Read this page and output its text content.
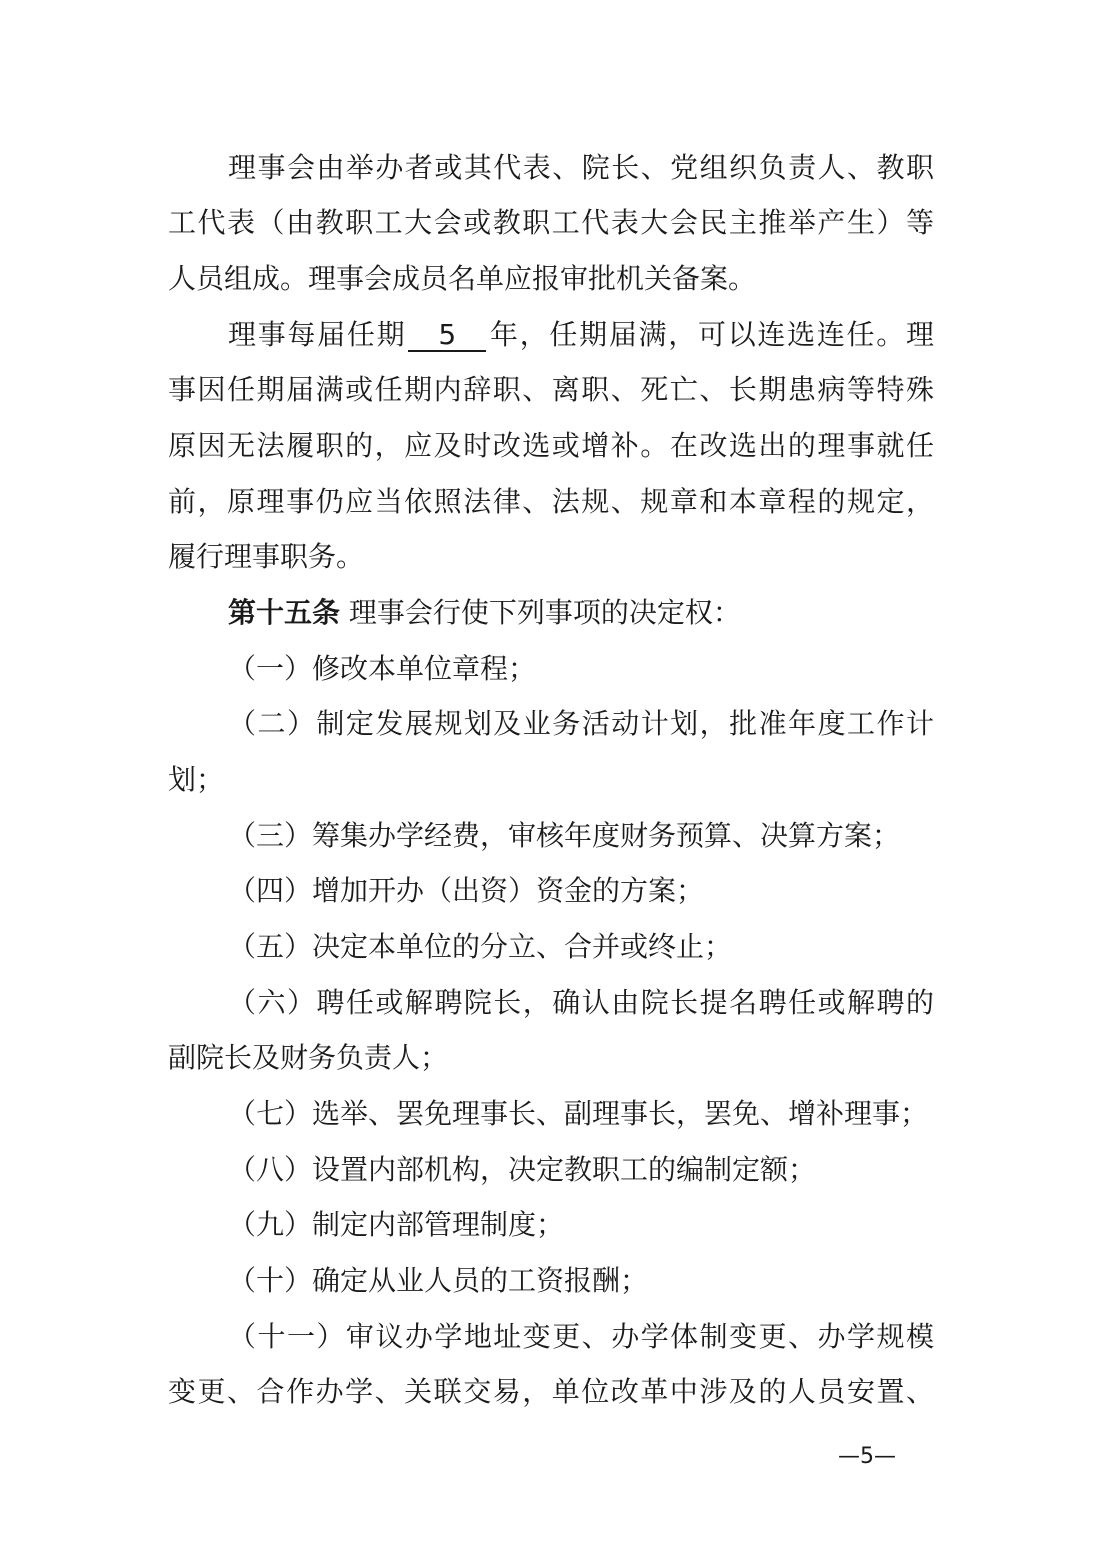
理事会由举办者或其代表、院长、党组织负责人、教职
工代表（由教职工大会或教职工代表大会民主推举产生）等
人员组成。理事会成员名单应报审批机关备案。
理事每届任期 5 年，任期届满，可以连选连任。理
事因任期届满或任期内辞职、离职、死亡、长期患病等特殊
原因无法履职的，应及时改选或增补。在改选出的理事就任
前，原理事仍应当依照法律、法规、规章和本章程的规定，
履行理事职务。
第十五条 理事会行使下列事项的决定权：
（一）修改本单位章程；
（二）制定发展规划及业务活动计划，批准年度工作计
划；
（三）筹集办学经费，审核年度财务预算、决算方案；
（四）增加开办（出资）资金的方案；
（五）决定本单位的分立、合并或终止；
（六）聘任或解聘院长，确认由院长提名聘任或解聘的
副院长及财务负责人；
（七）选举、罢免理事长、副理事长，罢免、增补理事；
（八）设置内部机构，决定教职工的编制定额；
（九）制定内部管理制度；
（十）确定从业人员的工资报酬；
（十一）审议办学地址变更、办学体制变更、办学规模
变更、合作办学、关联交易，单位改革中涉及的人员安置、
—5—
